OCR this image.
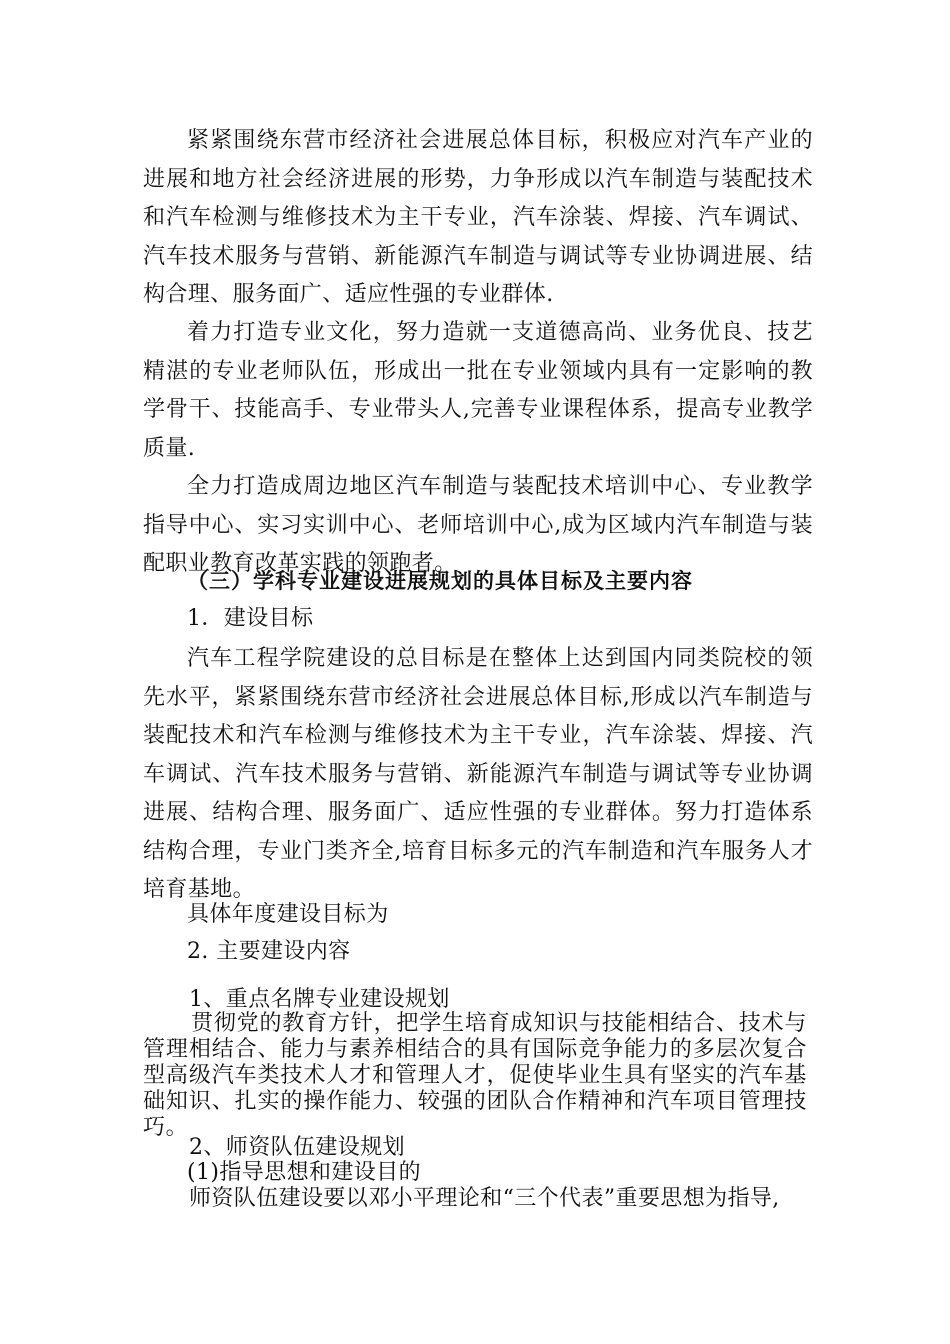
紧紧围绕东营市经济社会进展总体目标，积极应对汽车产业的进展和地方社会经济进展的形势，力争形成以汽车制造与装配技术和汽车检测与维修技术为主干专业，汽车涂装、焊接、汽车调试、汽车技术服务与营销、新能源汽车制造与调试等专业协调进展、结构合理、服务面广、适应性强的专业群体.

着力打造专业文化，努力造就一支道德高尚、业务优良、技艺精湛的专业老师队伍，形成出一批在专业领域内具有一定影响的教学骨干、技能高手、专业带头人,完善专业课程体系，提高专业教学质量.

全力打造成周边地区汽车制造与装配技术培训中心、专业教学指导中心、实习实训中心、老师培训中心,成为区域内汽车制造与装配职业教育改革实践的领跑者。

（三）学科专业建设进展规划的具体目标及主要内容
1．建设目标

汽车工程学院建设的总目标是在整体上达到国内同类院校的领先水平，紧紧围绕东营市经济社会进展总体目标,形成以汽车制造与装配技术和汽车检测与维修技术为主干专业，汽车涂装、焊接、汽车调试、汽车技术服务与营销、新能源汽车制造与调试等专业协调进展、结构合理、服务面广、适应性强的专业群体。努力打造体系结构合理，专业门类齐全,培育目标多元的汽车制造和汽车服务人才培育基地。

具体年度建设目标为
2. 主要建设内容
1、重点名牌专业建设规划

贯彻党的教育方针，把学生培育成知识与技能相结合、技术与管理相结合、能力与素养相结合的具有国际竞争能力的多层次复合型高级汽车类技术人才和管理人才，促使毕业生具有坚实的汽车基础知识、扎实的操作能力、较强的团队合作精神和汽车项目管理技巧。

2、师资队伍建设规划
(1)指导思想和建设目的
师资队伍建设要以邓小平理论和“三个代表”重要思想为指导,
